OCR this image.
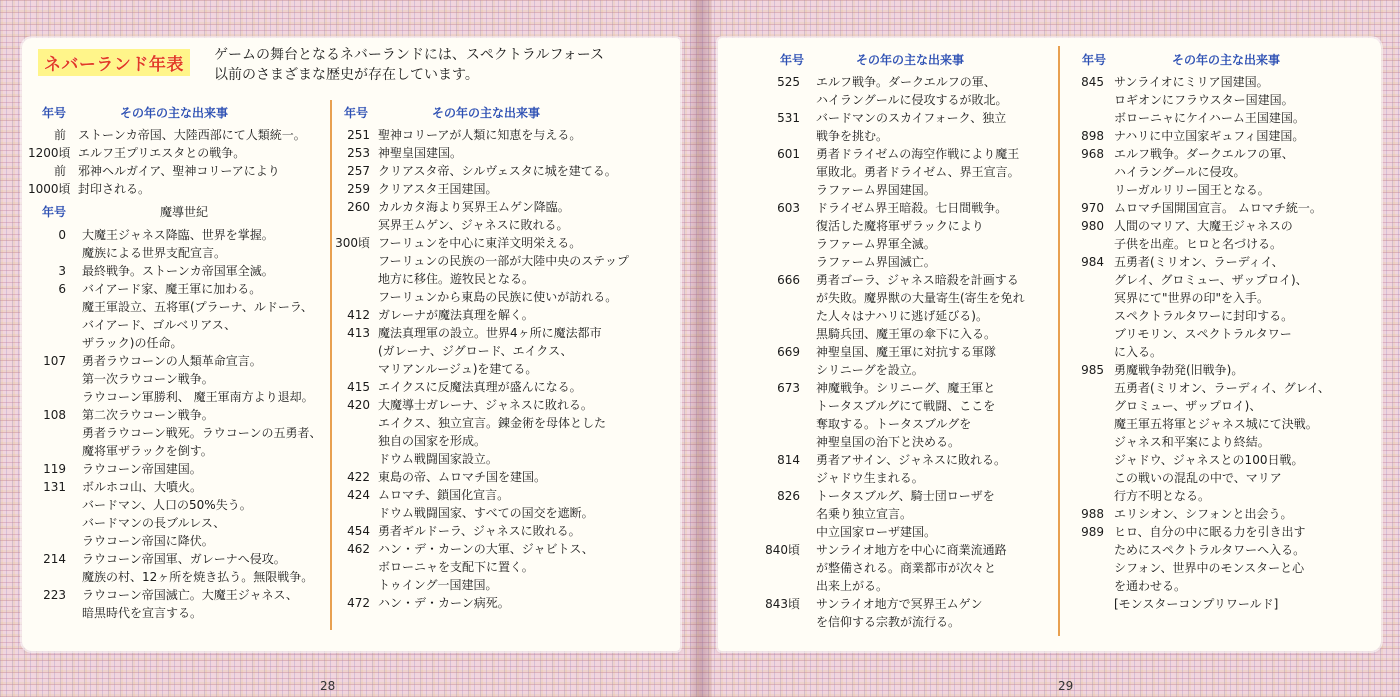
ネバーランド年表	ゲームの舞台となるネバーランドには、スペクトラルフォース
以前のさまざまな歴史が存在しています。
年号	その年の主な出来事
前 ストーンカ帝国、大陸西部にて人類統一。
1200頃 エルフ王プリエスタとの戦争。
前 邪神ヘルガイア、聖神コリーアにより
1000頃 封印される。
年号	魔導世紀
0 大魔王ジャネス降臨、世界を掌握。
魔族による世界支配宣言。
3 最終戦争。ストーンカ帝国軍全滅。
6 バイアード家、魔王軍に加わる。
魔王軍設立、五将軍(プラーナ、ルドーラ、
バイアード、ゴルベリアス、
ザラック)の任命。
107 勇者ラウコーンの人類革命宣言。
第一次ラウコーン戦争。
ラウコーン軍勝利、 魔王軍南方より退却。
108 第二次ラウコーン戦争。
勇者ラウコーン戦死。ラウコーンの五勇者、
魔将軍ザラックを倒す。
119 ラウコーン帝国建国。
131 ボルホコ山、大噴火。
バードマン、人口の50%失う。
バードマンの長ブルレス、
ラウコーン帝国に降伏。
214 ラウコーン帝国軍、ガレーナへ侵攻。
魔族の村、12ヶ所を焼き払う。無限戦争。
223 ラウコーン帝国滅亡。大魔王ジャネス、
暗黒時代を宣言する。
年号	その年の主な出来事
251 聖神コリーアが人類に知恵を与える。
253 神聖皇国建国。
257 クリアスタ帝、シルヴェスタに城を建てる。
259 クリアスタ王国建国。
260 カルカタ海より冥界王ムゲン降臨。
冥界王ムゲン、ジャネスに敗れる。
300頃 フーリュンを中心に東洋文明栄える。
フーリュンの民族の一部が大陸中央のステップ
地方に移住。遊牧民となる。
フーリュンから東島の民族に使いが訪れる。
412 ガレーナが魔法真理を解く。
413 魔法真理軍の設立。世界4ヶ所に魔法都市
(ガレーナ、ジグロード、エイクス、
マリアンルージュ)を建てる。
415 エイクスに反魔法真理が盛んになる。
420 大魔導士ガレーナ、ジャネスに敗れる。
エイクス、独立宣言。錬金術を母体とした
独自の国家を形成。
ドウム戦闘国家設立。
422 東島の帝、ムロマチ国を建国。
424 ムロマチ、鎖国化宣言。
ドウム戦闘国家、すべての国交を遮断。
454 勇者ギルドーラ、ジャネスに敗れる。
462 ハン・デ・カーンの大軍、ジャビトス、
ボローニャを支配下に置く。
トゥイング一国建国。
472 ハン・デ・カーン病死。
年号	その年の主な出来事
525 エルフ戦争。ダークエルフの軍、
ハイラングールに侵攻するが敗北。
531 バードマンのスカイフォーク、独立
戦争を挑む。
601 勇者ドライゼムの海空作戦により魔王
軍敗北。勇者ドライゼム、界王宣言。
ラファーム界国建国。
603 ドライゼム界王暗殺。七日間戦争。
復活した魔将軍ザラックにより
ラファーム界軍全滅。
ラファーム界国滅亡。
666 勇者ゴーラ、ジャネス暗殺を計画する
が失敗。魔界獣の大量寄生(寄生を免れ
た人々はナハリに逃げ延びる)。
黒騎兵団、魔王軍の傘下に入る。
669 神聖皇国、魔王軍に対抗する軍隊
シリニーグを設立。
673 神魔戦争。シリニーグ、魔王軍と
トータスブルグにて戦闘、ここを
奪取する。トータスブルグを
神聖皇国の治下と決める。
814 勇者アサイン、ジャネスに敗れる。
ジャドウ生まれる。
826 トータスブルグ、騎士団ローザを
名乗り独立宣言。
中立国家ローザ建国。
840頃 サンライオ地方を中心に商業流通路
が整備される。商業都市が次々と
出来上がる。
843頃 サンライオ地方で冥界王ムゲン
を信仰する宗教が流行る。
年号	その年の主な出来事
845 サンライオにミリア国建国。
ロギオンにフラウスター国建国。
ボローニャにケイハーム王国建国。
898 ナハリに中立国家ギュフィ国建国。
968 エルフ戦争。ダークエルフの軍、
ハイラングールに侵攻。
リーガルリリー国王となる。
970 ムロマチ国開国宣言。 ムロマチ統一。
980 人間のマリア、大魔王ジャネスの
子供を出産。ヒロと名づける。
984 五勇者(ミリオン、ラーディイ、
グレイ、グロミュー、ザップロイ)、
冥界にて"世界の印"を入手。
スペクトラルタワーに封印する。
ブリモリン、スペクトラルタワー
に入る。
985 勇魔戦争勃発(旧戦争)。
五勇者(ミリオン、ラーディイ、グレイ、
グロミュー、ザップロイ)、
魔王軍五将軍とジャネス城にて決戦。
ジャネス和平案により終結。
ジャドウ、ジャネスとの100日戦。
この戦いの混乱の中で、マリア
行方不明となる。
988 エリシオン、シフォンと出会う。
989 ヒロ、自分の中に眠る力を引き出す
ためにスペクトラルタワーへ入る。
シフォン、世界中のモンスターと心
を通わせる。
[モンスターコンプリワールド]
28	29
